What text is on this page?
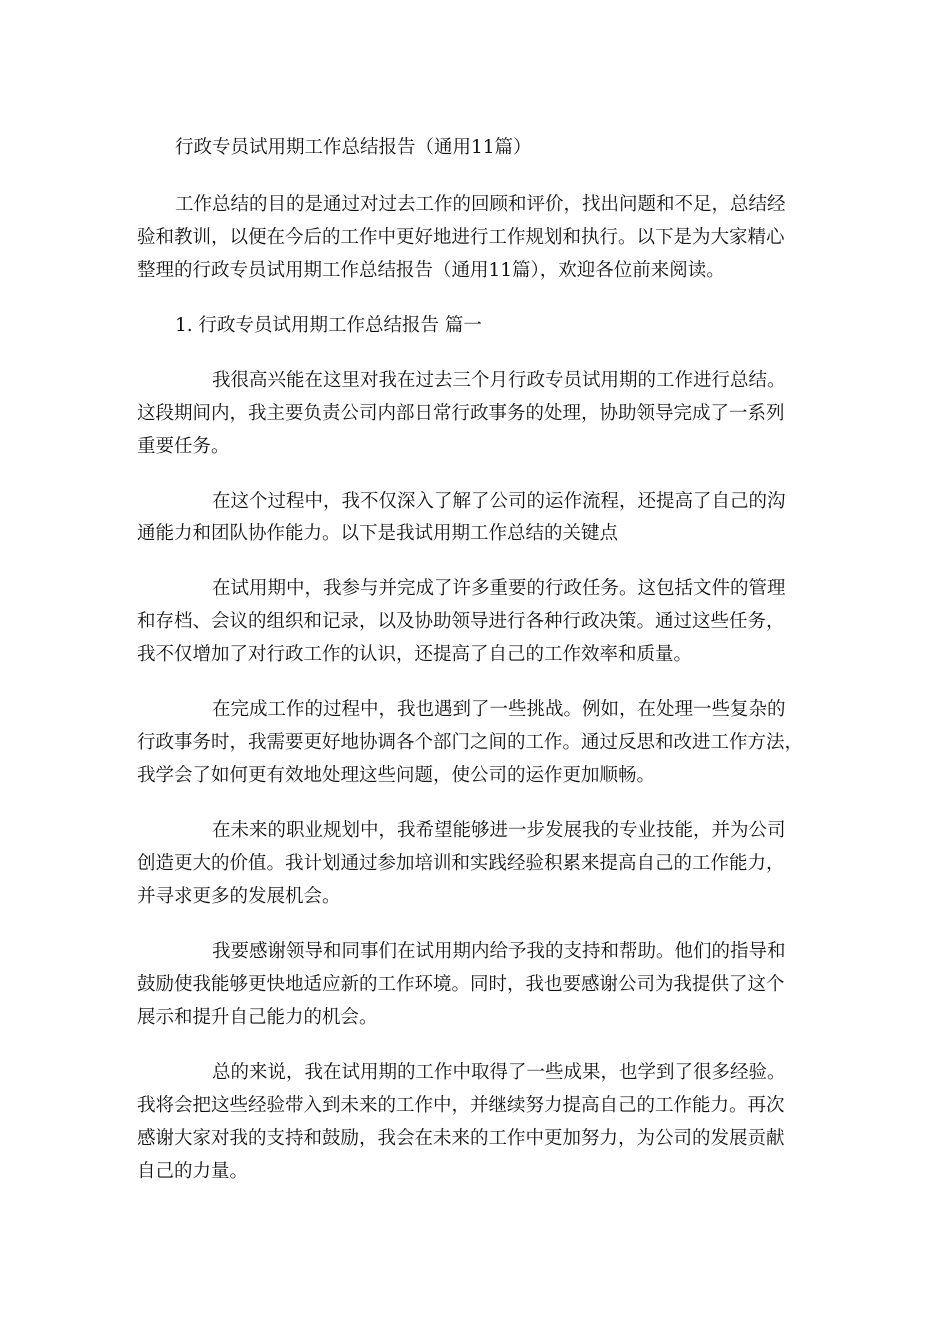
行政专员试用期工作总结报告（通用11篇）
工作总结的目的是通过对过去工作的回顾和评价，找出问题和不足，总结经
验和教训，以便在今后的工作中更好地进行工作规划和执行。以下是为大家精心
整理的行政专员试用期工作总结报告（通用11篇），欢迎各位前来阅读。
1. 行政专员试用期工作总结报告 篇一
我很高兴能在这里对我在过去三个月行政专员试用期的工作进行总结。
这段期间内，我主要负责公司内部日常行政事务的处理，协助领导完成了一系列
重要任务。
在这个过程中，我不仅深入了解了公司的运作流程，还提高了自己的沟
通能力和团队协作能力。以下是我试用期工作总结的关键点
在试用期中，我参与并完成了许多重要的行政任务。这包括文件的管理
和存档、会议的组织和记录，以及协助领导进行各种行政决策。通过这些任务，
我不仅增加了对行政工作的认识，还提高了自己的工作效率和质量。
在完成工作的过程中，我也遇到了一些挑战。例如，在处理一些复杂的
行政事务时，我需要更好地协调各个部门之间的工作。通过反思和改进工作方法，
我学会了如何更有效地处理这些问题，使公司的运作更加顺畅。
在未来的职业规划中，我希望能够进一步发展我的专业技能，并为公司
创造更大的价值。我计划通过参加培训和实践经验积累来提高自己的工作能力，
并寻求更多的发展机会。
我要感谢领导和同事们在试用期内给予我的支持和帮助。他们的指导和
鼓励使我能够更快地适应新的工作环境。同时，我也要感谢公司为我提供了这个
展示和提升自己能力的机会。
总的来说，我在试用期的工作中取得了一些成果，也学到了很多经验。
我将会把这些经验带入到未来的工作中，并继续努力提高自己的工作能力。再次
感谢大家对我的支持和鼓励，我会在未来的工作中更加努力，为公司的发展贡献
自己的力量。
